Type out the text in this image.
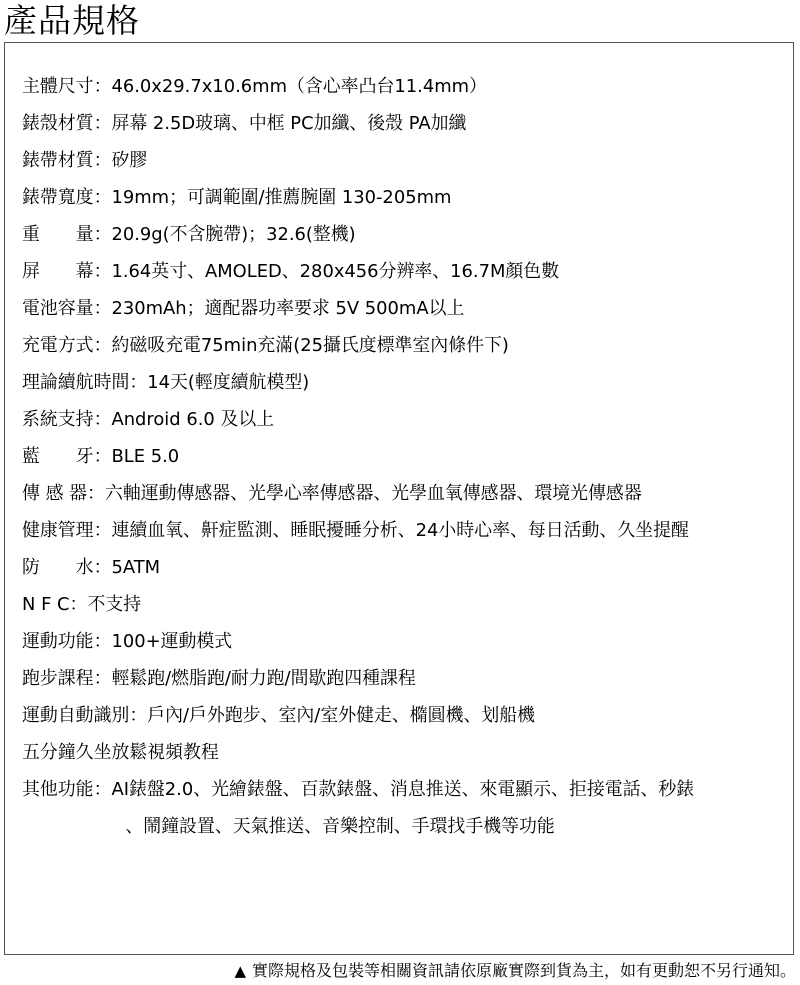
產品規格
主體尺寸：46.0x29.7x10.6mm（含心率凸台11.4mm）
錶殼材質：屏幕 2.5D玻璃、中框 PC加纖、後殼 PA加纖
錶帶材質：矽膠
錶帶寬度：19mm；可調範圍/推薦腕圍 130-205mm
重　　量：20.9g(不含腕帶)；32.6(整機)
屏　　幕：1.64英寸、AMOLED、280x456分辨率、16.7M顏色數
電池容量：230mAh；適配器功率要求 5V 500mA以上
充電方式：約磁吸充電75min充滿(25攝氏度標準室內條件下)
理論續航時間：14天(輕度續航模型)
系統支持：Android 6.0 及以上
藍　　牙：BLE 5.0
傳 感 器：六軸運動傳感器、光學心率傳感器、光學血氧傳感器、環境光傳感器
健康管理：連續血氧、鼾症監測、睡眠擾睡分析、24小時心率、每日活動、久坐提醒
防　　水：5ATM
N F C：不支持
運動功能：100+運動模式
跑步課程：輕鬆跑/燃脂跑/耐力跑/間歇跑四種課程
運動自動識別：戶內/戶外跑步、室內/室外健走、橢圓機、划船機
五分鐘久坐放鬆視頻教程
其他功能：AI錶盤2.0、光繪錶盤、百款錶盤、消息推送、來電顯示、拒接電話、秒錶
、鬧鐘設置、天氣推送、音樂控制、手環找手機等功能
▲ 實際規格及包裝等相關資訊請依原廠實際到貨為主，如有更動恕不另行通知。
